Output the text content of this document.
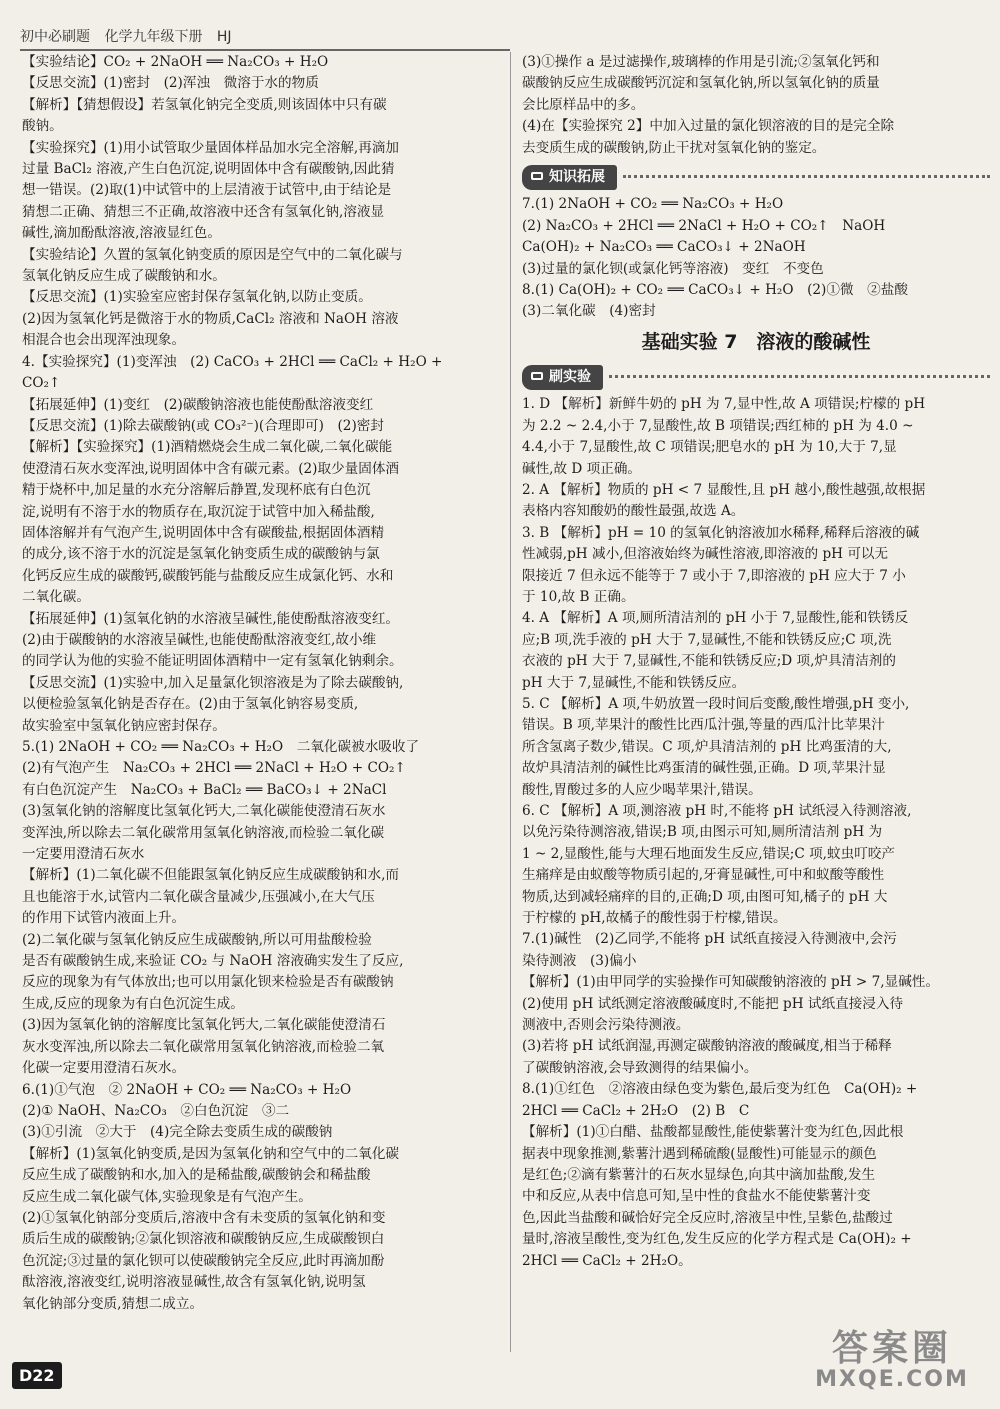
初中必刷题 化学九年级下册 HJ
【实验结论】CO₂ + 2NaOH ══ Na₂CO₃ + H₂O
【反思交流】(1)密封　(2)浑浊　微溶于水的物质
【解析】【猜想假设】若氢氧化钠完全变质,则该固体中只有碳
酸钠。
【实验探究】(1)用小试管取少量固体样品加水完全溶解,再滴加
过量 BaCl₂ 溶液,产生白色沉淀,说明固体中含有碳酸钠,因此猜
想一错误。(2)取(1)中试管中的上层清液于试管中,由于结论是
猜想二正确、猜想三不正确,故溶液中还含有氢氧化钠,溶液显
碱性,滴加酚酞溶液,溶液显红色。
【实验结论】久置的氢氧化钠变质的原因是空气中的二氧化碳与
氢氧化钠反应生成了碳酸钠和水。
【反思交流】(1)实验室应密封保存氢氧化钠,以防止变质。
(2)因为氢氧化钙是微溶于水的物质,CaCl₂ 溶液和 NaOH 溶液
相混合也会出现浑浊现象。
4.【实验探究】(1)变浑浊　(2) CaCO₃ + 2HCl ══ CaCl₂ + H₂O +
CO₂↑
【拓展延伸】(1)变红　(2)碳酸钠溶液也能使酚酞溶液变红
【反思交流】(1)除去碳酸钠(或 CO₃²⁻)(合理即可)　(2)密封
【解析】【实验探究】(1)酒精燃烧会生成二氧化碳,二氧化碳能
使澄清石灰水变浑浊,说明固体中含有碳元素。(2)取少量固体酒
精于烧杯中,加足量的水充分溶解后静置,发现杯底有白色沉
淀,说明有不溶于水的物质存在,取沉淀于试管中加入稀盐酸,
固体溶解并有气泡产生,说明固体中含有碳酸盐,根据固体酒精
的成分,该不溶于水的沉淀是氢氧化钠变质生成的碳酸钠与氯
化钙反应生成的碳酸钙,碳酸钙能与盐酸反应生成氯化钙、水和
二氧化碳。
【拓展延伸】(1)氢氧化钠的水溶液呈碱性,能使酚酞溶液变红。
(2)由于碳酸钠的水溶液呈碱性,也能使酚酞溶液变红,故小维
的同学认为他的实验不能证明固体酒精中一定有氢氧化钠剩余。
【反思交流】(1)实验中,加入足量氯化钡溶液是为了除去碳酸钠,
以便检验氢氧化钠是否存在。(2)由于氢氧化钠容易变质,
故实验室中氢氧化钠应密封保存。
5.(1) 2NaOH + CO₂ ══ Na₂CO₃ + H₂O　二氧化碳被水吸收了
(2)有气泡产生　Na₂CO₃ + 2HCl ══ 2NaCl + H₂O + CO₂↑
有白色沉淀产生　Na₂CO₃ + BaCl₂ ══ BaCO₃↓ + 2NaCl
(3)氢氧化钠的溶解度比氢氧化钙大,二氧化碳能使澄清石灰水
变浑浊,所以除去二氧化碳常用氢氧化钠溶液,而检验二氧化碳
一定要用澄清石灰水
【解析】(1)二氧化碳不但能跟氢氧化钠反应生成碳酸钠和水,而
且也能溶于水,试管内二氧化碳含量减少,压强减小,在大气压
的作用下试管内液面上升。
(2)二氧化碳与氢氧化钠反应生成碳酸钠,所以可用盐酸检验
是否有碳酸钠生成,来验证 CO₂ 与 NaOH 溶液确实发生了反应,
反应的现象为有气体放出;也可以用氯化钡来检验是否有碳酸钠
生成,反应的现象为有白色沉淀生成。
(3)因为氢氧化钠的溶解度比氢氧化钙大,二氧化碳能使澄清石
灰水变浑浊,所以除去二氧化碳常用氢氧化钠溶液,而检验二氧
化碳一定要用澄清石灰水。
6.(1)①气泡　② 2NaOH + CO₂ ══ Na₂CO₃ + H₂O
(2)① NaOH、Na₂CO₃　②白色沉淀　③二
(3)①引流　②大于　(4)完全除去变质生成的碳酸钠
【解析】(1)氢氧化钠变质,是因为氢氧化钠和空气中的二氧化碳
反应生成了碳酸钠和水,加入的是稀盐酸,碳酸钠会和稀盐酸
反应生成二氧化碳气体,实验现象是有气泡产生。
(2)①氢氧化钠部分变质后,溶液中含有未变质的氢氧化钠和变
质后生成的碳酸钠;②氯化钡溶液和碳酸钠反应,生成碳酸钡白
色沉淀;③过量的氯化钡可以使碳酸钠完全反应,此时再滴加酚
酞溶液,溶液变红,说明溶液显碱性,故含有氢氧化钠,说明氢
氧化钠部分变质,猜想二成立。
(3)①操作 a 是过滤操作,玻璃棒的作用是引流;②氢氧化钙和
碳酸钠反应生成碳酸钙沉淀和氢氧化钠,所以氢氧化钠的质量
会比原样品中的多。
(4)在【实验探究 2】中加入过量的氯化钡溶液的目的是完全除
去变质生成的碳酸钠,防止干扰对氢氧化钠的鉴定。
知识拓展
7.(1) 2NaOH + CO₂ ══ Na₂CO₃ + H₂O
(2) Na₂CO₃ + 2HCl ══ 2NaCl + H₂O + CO₂↑　NaOH
Ca(OH)₂ + Na₂CO₃ ══ CaCO₃↓ + 2NaOH
(3)过量的氯化钡(或氯化钙等溶液)　变红　不变色
8.(1) Ca(OH)₂ + CO₂ ══ CaCO₃↓ + H₂O　(2)①微　②盐酸
(3)二氧化碳　(4)密封
基础实验 7　溶液的酸碱性
刷实验
1. D 【解析】新鲜牛奶的 pH 为 7,显中性,故 A 项错误;柠檬的 pH
为 2.2 ~ 2.4,小于 7,显酸性,故 B 项错误;西红柿的 pH 为 4.0 ~
4.4,小于 7,显酸性,故 C 项错误;肥皂水的 pH 为 10,大于 7,显
碱性,故 D 项正确。
2. A 【解析】物质的 pH < 7 显酸性,且 pH 越小,酸性越强,故根据
表格内容知酸奶的酸性最强,故选 A。
3. B 【解析】pH = 10 的氢氧化钠溶液加水稀释,稀释后溶液的碱
性减弱,pH 减小,但溶液始终为碱性溶液,即溶液的 pH 可以无
限接近 7 但永远不能等于 7 或小于 7,即溶液的 pH 应大于 7 小
于 10,故 B 正确。
4. A 【解析】A 项,厕所清洁剂的 pH 小于 7,显酸性,能和铁锈反
应;B 项,洗手液的 pH 大于 7,显碱性,不能和铁锈反应;C 项,洗
衣液的 pH 大于 7,显碱性,不能和铁锈反应;D 项,炉具清洁剂的
pH 大于 7,显碱性,不能和铁锈反应。
5. C 【解析】A 项,牛奶放置一段时间后变酸,酸性增强,pH 变小,
错误。B 项,苹果汁的酸性比西瓜汁强,等量的西瓜汁比苹果汁
所含氢离子数少,错误。C 项,炉具清洁剂的 pH 比鸡蛋清的大,
故炉具清洁剂的碱性比鸡蛋清的碱性强,正确。D 项,苹果汁显
酸性,胃酸过多的人应少喝苹果汁,错误。
6. C 【解析】A 项,测溶液 pH 时,不能将 pH 试纸浸入待测溶液,
以免污染待测溶液,错误;B 项,由图示可知,厕所清洁剂 pH 为
1 ~ 2,显酸性,能与大理石地面发生反应,错误;C 项,蚊虫叮咬产
生痛痒是由蚁酸等物质引起的,牙膏显碱性,可中和蚁酸等酸性
物质,达到减轻痛痒的目的,正确;D 项,由图可知,橘子的 pH 大
于柠檬的 pH,故橘子的酸性弱于柠檬,错误。
7.(1)碱性　(2)乙同学,不能将 pH 试纸直接浸入待测液中,会污
染待测液　(3)偏小
【解析】(1)由甲同学的实验操作可知碳酸钠溶液的 pH > 7,显碱性。
(2)使用 pH 试纸测定溶液酸碱度时,不能把 pH 试纸直接浸入待
测液中,否则会污染待测液。
(3)若将 pH 试纸润湿,再测定碳酸钠溶液的酸碱度,相当于稀释
了碳酸钠溶液,会导致测得的结果偏小。
8.(1)①红色　②溶液由绿色变为紫色,最后变为红色　Ca(OH)₂ +
2HCl ══ CaCl₂ + 2H₂O　(2) B　C
【解析】(1)①白醋、盐酸都显酸性,能使紫薯汁变为红色,因此根
据表中现象推测,紫薯汁遇到稀硫酸(显酸性)可能显示的颜色
是红色;②滴有紫薯汁的石灰水显绿色,向其中滴加盐酸,发生
中和反应,从表中信息可知,呈中性的食盐水不能使紫薯汁变
色,因此当盐酸和碱恰好完全反应时,溶液呈中性,呈紫色,盐酸过
量时,溶液呈酸性,变为红色,发生反应的化学方程式是 Ca(OH)₂ +
2HCl ══ CaCl₂ + 2H₂O。
D22
答案圈
MXQE.COM
